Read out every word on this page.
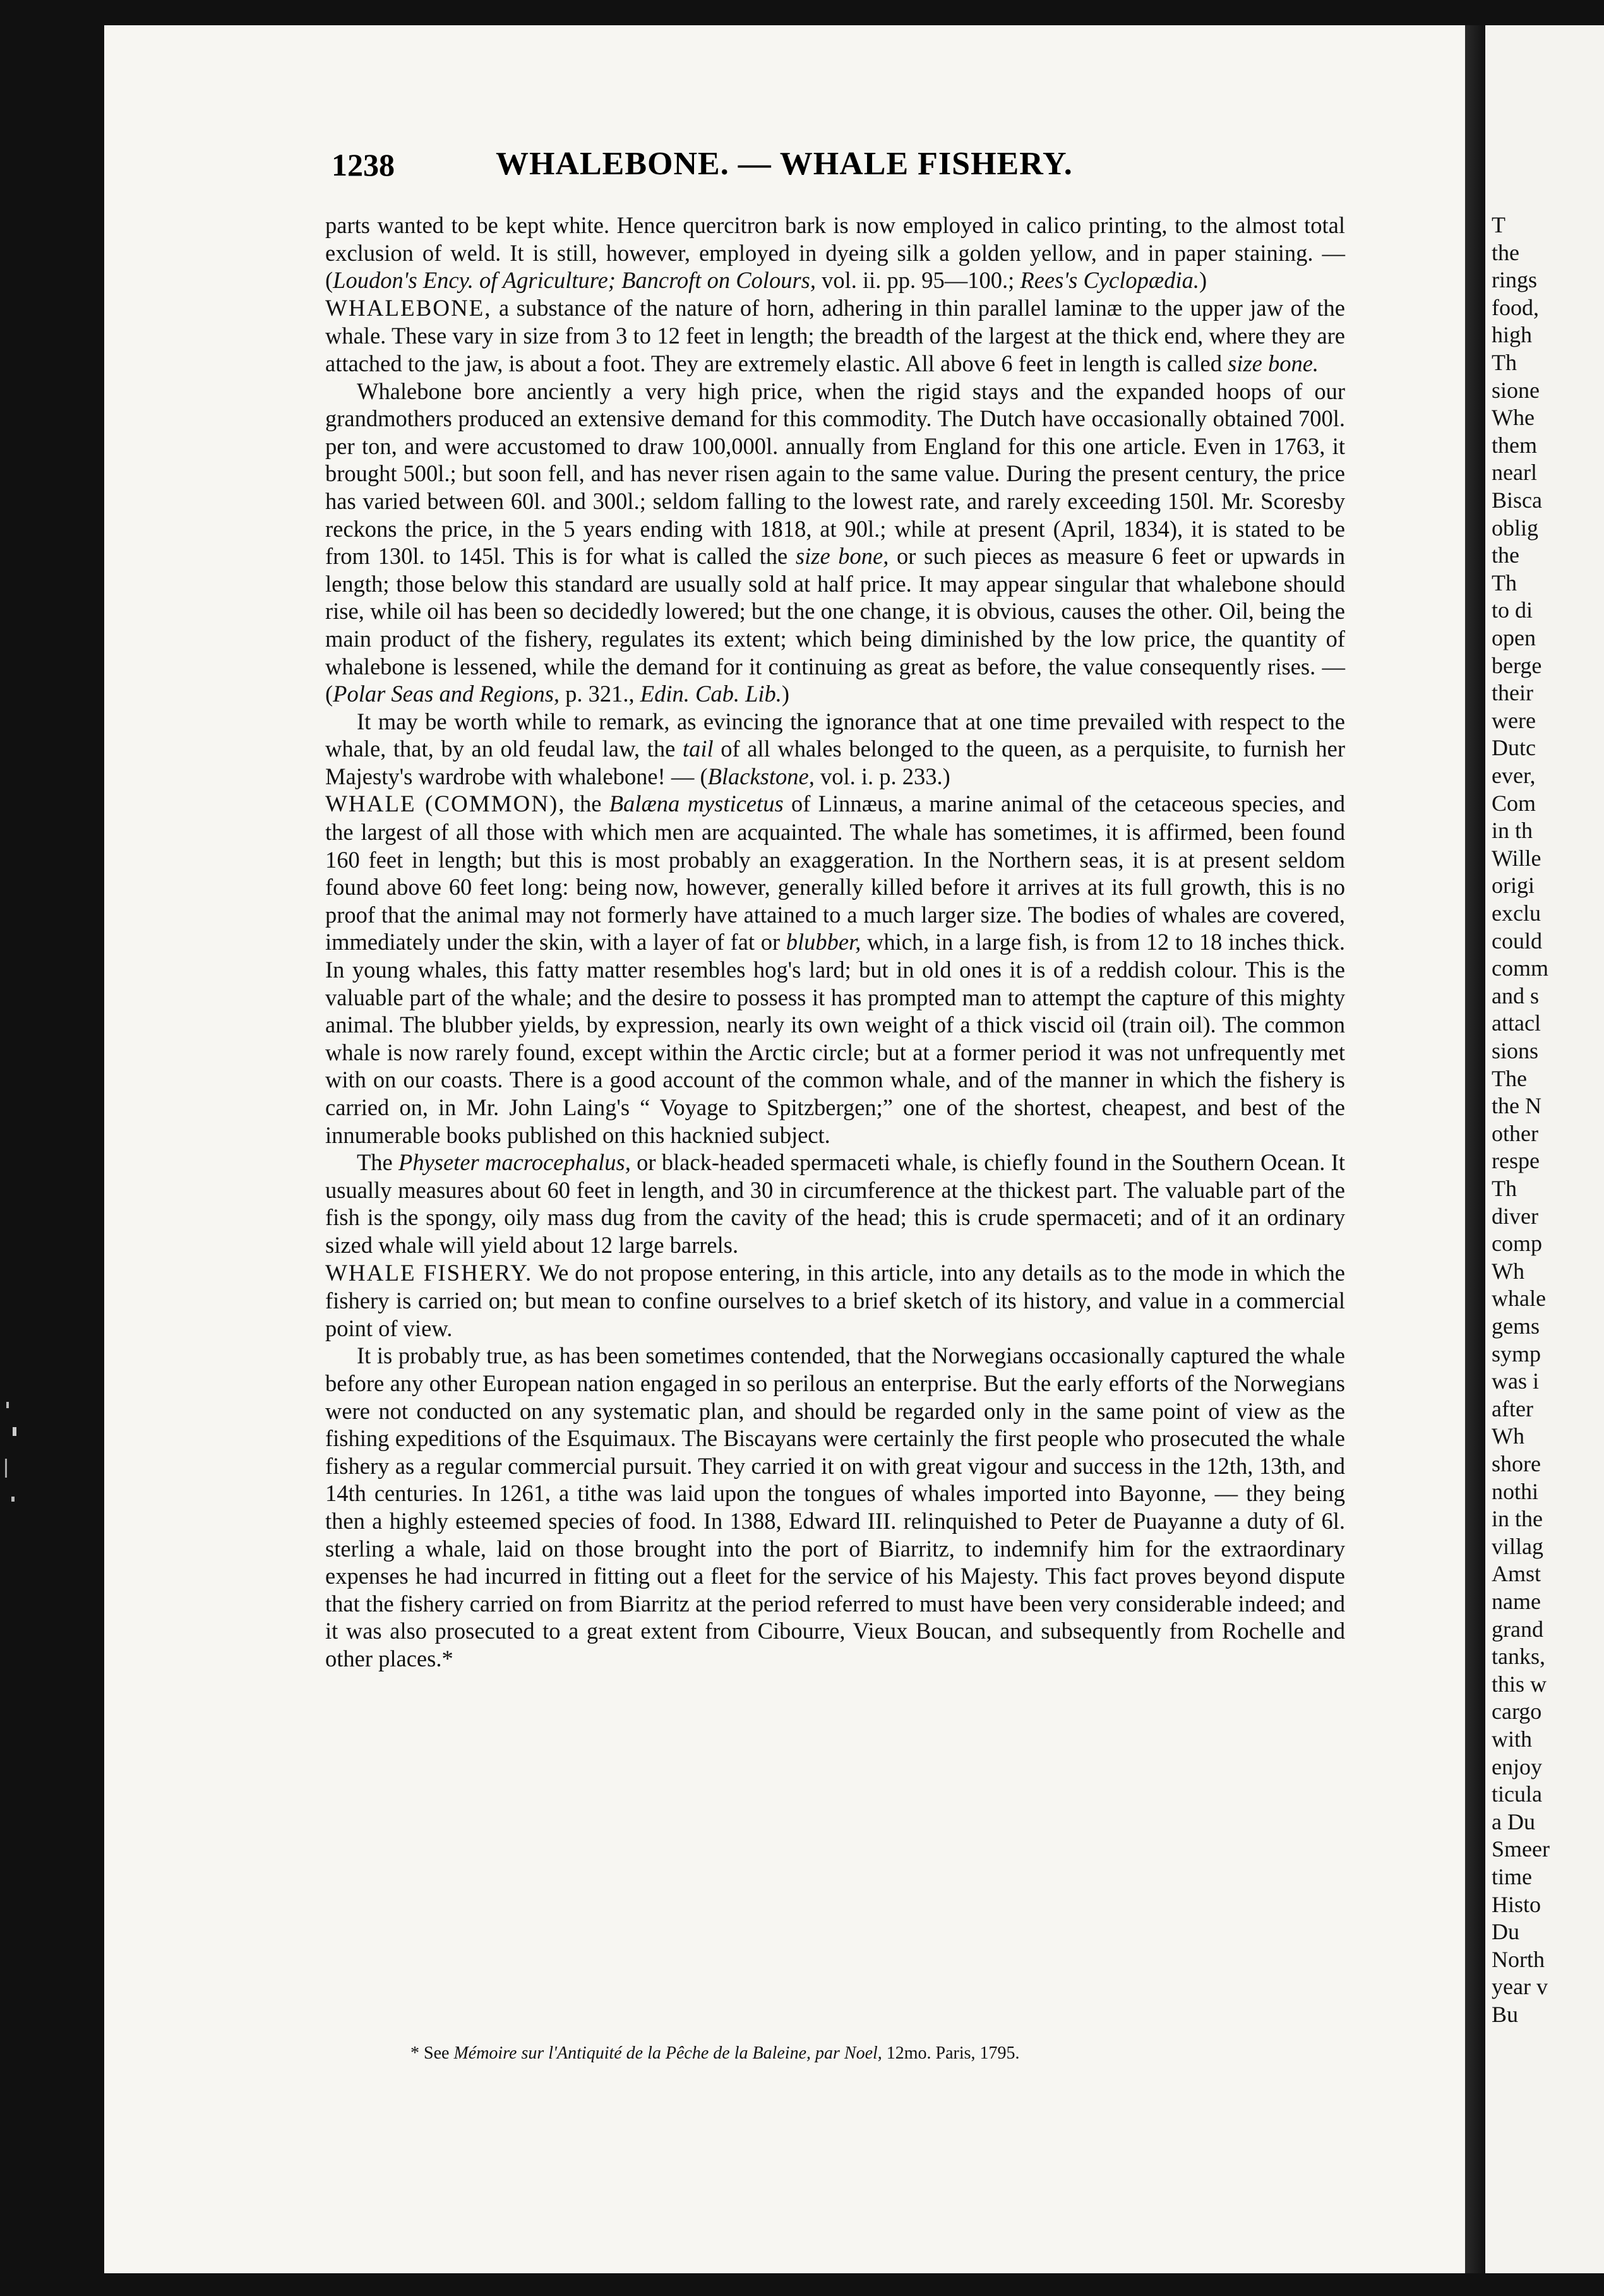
T
the
rings
food,
high
Th
sione
Whe
them
nearl
Bisca
oblig
the
Th
to di
open
berge
their
were
Dutc
ever,
Com
in th
Wille
origi
exclu
could
comm
and s
attacl
sions
The
the N
other
respe
Th
diver
comp
Wh
whale
gems
symp
was i
after
Wh
shore
nothi
in the
villag
Amst
name
grand
tanks,
this w
cargo
with
enjoy
ticula
a Du
Smeer
time
Histo
Du
North
year v
Bu
1238	WHALEBONE. — WHALE FISHERY.

parts wanted to be kept white. Hence quercitron bark is now employed in calico printing, to the almost total exclusion of weld. It is still, however, employed in dyeing silk a golden yellow, and in paper staining. — (Loudon's Ency. of Agriculture; Bancroft on Colours, vol. ii. pp. 95—100.; Rees's Cyclopædia.)

WHALEBONE, a substance of the nature of horn, adhering in thin parallel laminæ to the upper jaw of the whale. These vary in size from 3 to 12 feet in length; the breadth of the largest at the thick end, where they are attached to the jaw, is about a foot. They are extremely elastic. All above 6 feet in length is called size bone.

Whalebone bore anciently a very high price, when the rigid stays and the expanded hoops of our grandmothers produced an extensive demand for this commodity. The Dutch have occasionally obtained 700l. per ton, and were accustomed to draw 100,000l. annually from England for this one article. Even in 1763, it brought 500l.; but soon fell, and has never risen again to the same value. During the present century, the price has varied between 60l. and 300l.; seldom falling to the lowest rate, and rarely exceeding 150l. Mr. Scoresby reckons the price, in the 5 years ending with 1818, at 90l.; while at present (April, 1834), it is stated to be from 130l. to 145l. This is for what is called the size bone, or such pieces as measure 6 feet or upwards in length; those below this standard are usually sold at half price. It may appear singular that whalebone should rise, while oil has been so decidedly lowered; but the one change, it is obvious, causes the other. Oil, being the main product of the fishery, regulates its extent; which being diminished by the low price, the quantity of whalebone is lessened, while the demand for it continuing as great as before, the value consequently rises. — (Polar Seas and Regions, p. 321., Edin. Cab. Lib.)

It may be worth while to remark, as evincing the ignorance that at one time prevailed with respect to the whale, that, by an old feudal law, the tail of all whales belonged to the queen, as a perquisite, to furnish her Majesty's wardrobe with whalebone! — (Blackstone, vol. i. p. 233.)

WHALE (COMMON), the Balæna mysticetus of Linnæus, a marine animal of the cetaceous species, and the largest of all those with which men are acquainted. The whale has sometimes, it is affirmed, been found 160 feet in length; but this is most probably an exaggeration. In the Northern seas, it is at present seldom found above 60 feet long: being now, however, generally killed before it arrives at its full growth, this is no proof that the animal may not formerly have attained to a much larger size. The bodies of whales are covered, immediately under the skin, with a layer of fat or blubber, which, in a large fish, is from 12 to 18 inches thick. In young whales, this fatty matter resembles hog's lard; but in old ones it is of a reddish colour. This is the valuable part of the whale; and the desire to possess it has prompted man to attempt the capture of this mighty animal. The blubber yields, by expression, nearly its own weight of a thick viscid oil (train oil). The common whale is now rarely found, except within the Arctic circle; but at a former period it was not unfrequently met with on our coasts. There is a good account of the common whale, and of the manner in which the fishery is carried on, in Mr. John Laing's “ Voyage to Spitzbergen;” one of the shortest, cheapest, and best of the innumerable books published on this hacknied subject.

The Physeter macrocephalus, or black-headed spermaceti whale, is chiefly found in the Southern Ocean. It usually measures about 60 feet in length, and 30 in circumference at the thickest part. The valuable part of the fish is the spongy, oily mass dug from the cavity of the head; this is crude spermaceti; and of it an ordinary sized whale will yield about 12 large barrels.

WHALE FISHERY. We do not propose entering, in this article, into any details as to the mode in which the fishery is carried on; but mean to confine ourselves to a brief sketch of its history, and value in a commercial point of view.

It is probably true, as has been sometimes contended, that the Norwegians occasionally captured the whale before any other European nation engaged in so perilous an enterprise. But the early efforts of the Norwegians were not conducted on any systematic plan, and should be regarded only in the same point of view as the fishing expeditions of the Esquimaux. The Biscayans were certainly the first people who prosecuted the whale fishery as a regular commercial pursuit. They carried it on with great vigour and success in the 12th, 13th, and 14th centuries. In 1261, a tithe was laid upon the tongues of whales imported into Bayonne, — they being then a highly esteemed species of food. In 1388, Edward III. relinquished to Peter de Puayanne a duty of 6l. sterling a whale, laid on those brought into the port of Biarritz, to indemnify him for the extraordinary expenses he had incurred in fitting out a fleet for the service of his Majesty. This fact proves beyond dispute that the fishery carried on from Biarritz at the period referred to must have been very considerable indeed; and it was also prosecuted to a great extent from Cibourre, Vieux Boucan, and subsequently from Rochelle and other places.*

* See Mémoire sur l'Antiquité de la Pêche de la Baleine, par Noel, 12mo. Paris, 1795.
